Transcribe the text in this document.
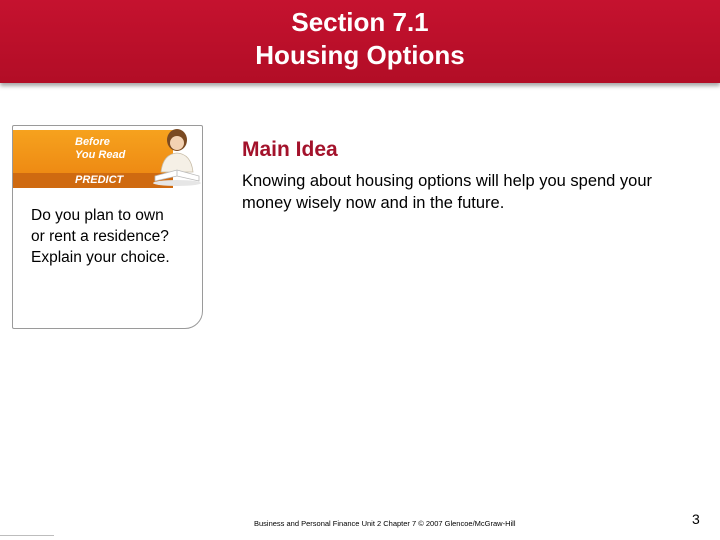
Section 7.1
Housing Options
Before
You Read
PREDICT
Do you plan to own or rent a residence? Explain your choice.
Main Idea
Knowing about housing options will help you spend your money wisely now and in the future.
Business and Personal Finance Unit 2 Chapter 7 © 2007 Glencoe/McGraw-Hill	3
